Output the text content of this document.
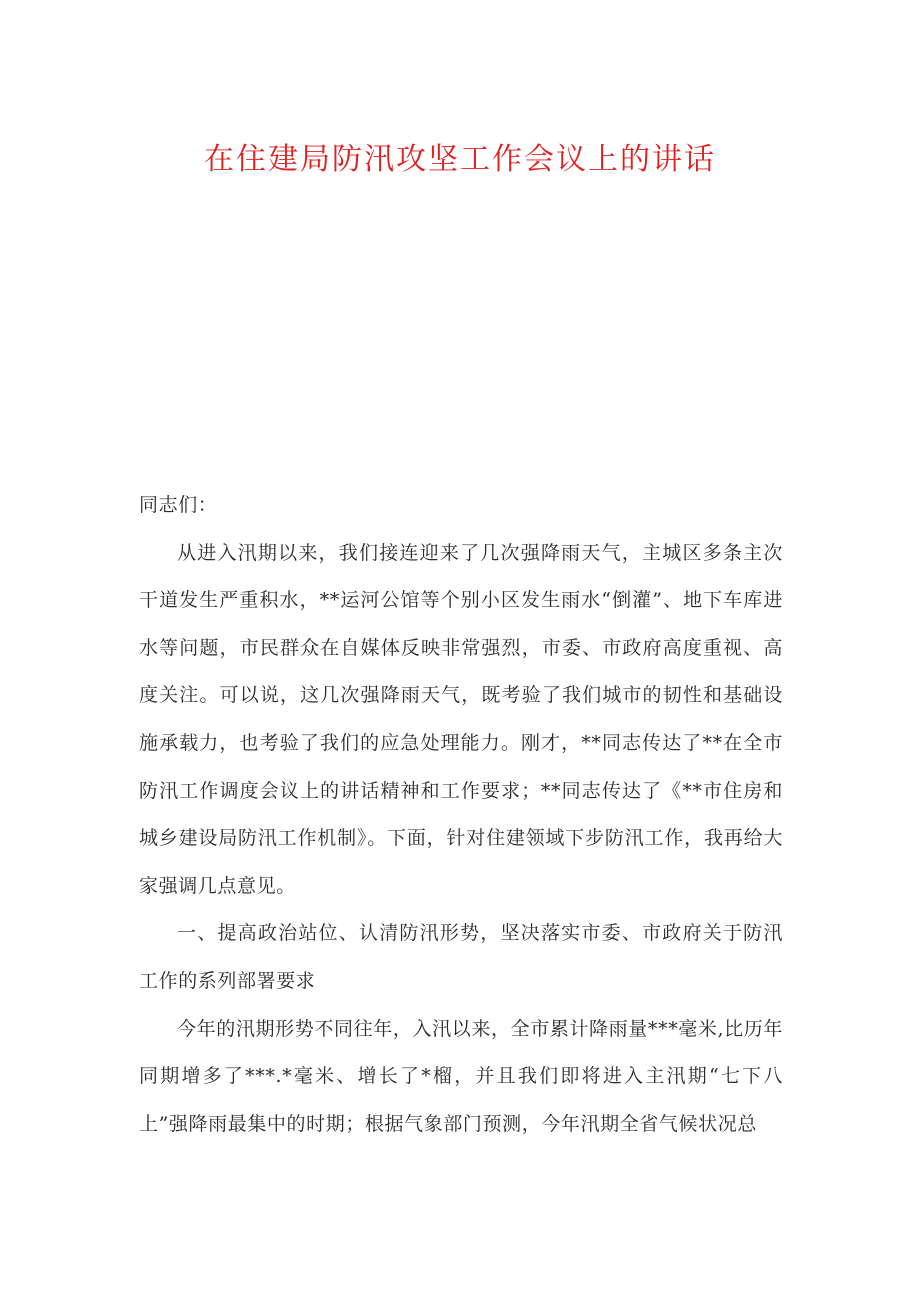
在住建局防汛攻坚工作会议上的讲话

同志们：

从进入汛期以来，我们接连迎来了几次强降雨天气，主城区多条主次干道发生严重积水，**运河公馆等个别小区发生雨水“倒灌”、地下车库进水等问题，市民群众在自媒体反映非常强烈，市委、市政府高度重视、高度关注。可以说，这几次强降雨天气，既考验了我们城市的韧性和基础设施承载力，也考验了我们的应急处理能力。刚才，**同志传达了**在全市防汛工作调度会议上的讲话精神和工作要求；**同志传达了《**市住房和城乡建设局防汛工作机制》。下面，针对住建领域下步防汛工作，我再给大家强调几点意见。

一、提高政治站位、认清防汛形势，坚决落实市委、市政府关于防汛工作的系列部署要求

今年的汛期形势不同往年，入汛以来，全市累计降雨量***毫米,比历年同期增多了***.*毫米、增长了*榴，并且我们即将进入主汛期“七下八上”强降雨最集中的时期；根据气象部门预测，今年汛期全省气候状况总
